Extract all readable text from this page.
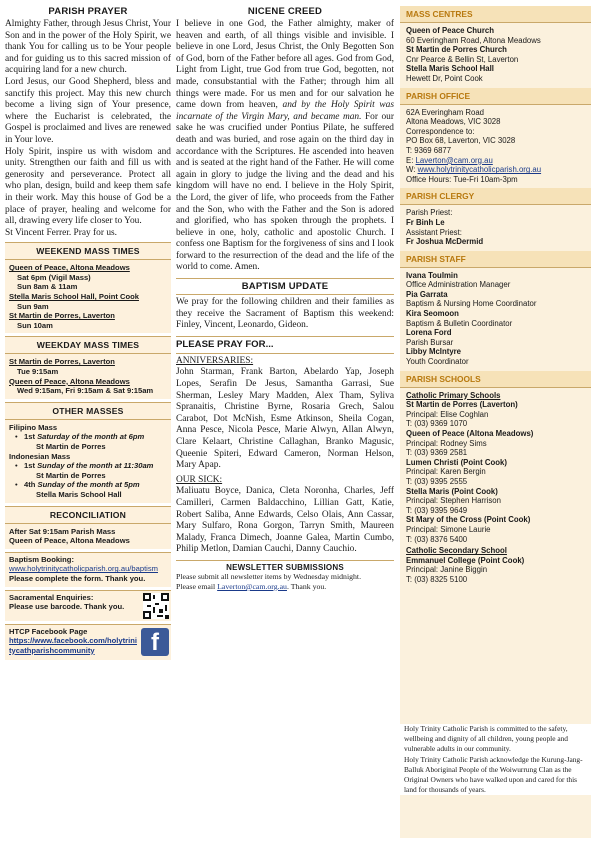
PARISH PRAYER
Almighty Father, through Jesus Christ, Your Son and in the power of the Holy Spirit, we thank You for calling us to be Your people and for guiding us to this sacred mission of acquiring land for a new church.
Lord Jesus, our Good Shepherd, bless and sanctify this project. May this new church become a living sign of Your presence, where the Eucharist is celebrated, the Gospel is proclaimed and lives are renewed in Your love.
Holy Spirit, inspire us with wisdom and unity. Strengthen our faith and fill us with generosity and perseverance. Protect all who plan, design, build and keep them safe in their work. May this house of God be a place of prayer, healing and welcome for all, drawing every life closer to You.
St Vincent Ferrer. Pray for us.
WEEKEND MASS TIMES
Queen of Peace, Altona Meadows
Sat 6pm (Vigil Mass)
Sun 8am & 11am
Stella Maris School Hall, Point Cook
Sun 9am
St Martin de Porres, Laverton
Sun 10am
WEEKDAY MASS TIMES
St Martin de Porres, Laverton
Tue 9:15am
Queen of Peace, Altona Meadows
Wed 9:15am, Fri 9:15am & Sat 9:15am
OTHER MASSES
Filipino Mass
• 1st Saturday of the month at 6pm
St Martin de Porres
Indonesian Mass
• 1st Sunday of the month at 11:30am
St Martin de Porres
• 4th Sunday of the month at 5pm
Stella Maris School Hall
RECONCILIATION
After Sat 9:15am Parish Mass
Queen of Peace, Altona Meadows
Baptism Booking:
www.holytrinitycatholicparish.org.au/baptism
Please complete the form. Thank you.
Sacramental Enquiries:
Please use barcode. Thank you.
HTCP Facebook Page
https://www.facebook.com/holytrinitycathparishcommunity	f
NICENE CREED
I believe in one God, the Father almighty, maker of heaven and earth, of all things visible and invisible. I believe in one Lord, Jesus Christ, the Only Begotten Son of God, born of the Father before all ages. God from God, Light from Light, true God from true God, begotten, not made, consubstantial with the Father; through him all things were made. For us men and for our salvation he came down from heaven, and by the Holy Spirit was incarnate of the Virgin Mary, and became man. For our sake he was crucified under Pontius Pilate, he suffered death and was buried, and rose again on the third day in accordance with the Scriptures. He ascended into heaven and is seated at the right hand of the Father. He will come again in glory to judge the living and the dead and his kingdom will have no end. I believe in the Holy Spirit, the Lord, the giver of life, who proceeds from the Father and the Son, who with the Father and the Son is adored and glorified, who has spoken through the prophets. I believe in one, holy, catholic and apostolic Church. I confess one Baptism for the forgiveness of sins and I look forward to the resurrection of the dead and the life of the world to come. Amen.
BAPTISM UPDATE
We pray for the following children and their families as they receive the Sacrament of Baptism this weekend: Finley, Vincent, Leonardo, Gideon.
PLEASE PRAY FOR...
ANNIVERSARIES:
John Starman, Frank Barton, Abelardo Yap, Joseph Lopes, Serafin De Jesus, Samantha Garrasi, Sue Sherman, Lesley Mary Madden, Alex Tham, Syliva Spranaitis, Christine Byrne, Rosaria Grech, Salou Carabot, Dot McNish, Esme Atkinson, Sheila Cogan, Anna Pesce, Nicola Pesce, Marie Alwyn, Allan Alwyn, Clare Kelaart, Christine Callaghan, Branko Magusic, Queenie Spiteri, Edward Cameron, Norman Helson, Mary Apap.
OUR SICK:
Maliuatu Boyce, Danica, Cleta Noronha, Charles, Jeff Camilleri, Carmen Baldacchino, Lillian Gatt, Katie, Robert Saliba, Anne Edwards, Celso Olais, Ann Cassar, Mary Sulfaro, Rona Gorgon, Tarryn Smith, Maureen Malady, Franca Dimech, Joanne Galea, Martin Cumbo, Philip Metlon, Damian Cauchi, Danny Cauchio.
NEWSLETTER SUBMISSIONS
Please submit all newsletter items by Wednesday midnight.
Please email Laverton@cam.org.au. Thank you.
MASS CENTRES
Queen of Peace Church
60 Everingham Road, Altona Meadows
St Martin de Porres Church
Cnr Pearce & Bellin St, Laverton
Stella Maris School Hall
Hewett Dr, Point Cook
PARISH OFFICE
62A Everingham Road
Altona Meadows, VIC 3028
Correspondence to:
PO Box 68, Laverton, VIC 3028
T: 9369 6877
E: Laverton@cam.org.au
W: www.holytrinitycatholicparish.org.au
Office Hours: Tue-Fri 10am-3pm
PARISH CLERGY
Parish Priest:
Fr Binh Le
Assistant Priest:
Fr Joshua McDermid
PARISH STAFF
Ivana Toulmin
Office Administration Manager
Pia Garrata
Baptism & Nursing Home Coordinator
Kira Seomoon
Baptism & Bulletin Coordinator
Lorena Ford
Parish Bursar
Libby McIntyre
Youth Coordinator
PARISH SCHOOLS
Catholic Primary Schools
St Martin de Porres (Laverton)
Principal: Elise Coghlan
T: (03) 9369 1070
Queen of Peace (Altona Meadows)
Principal: Rodney Sims
T: (03) 9369 2581
Lumen Christi (Point Cook)
Principal: Karen Bergin
T: (03) 9395 2555
Stella Maris (Point Cook)
Principal: Stephen Harrison
T: (03) 9395 9649
St Mary of the Cross (Point Cook)
Principal: Simone Laurie
T: (03) 8376 5400
Catholic Secondary School
Emmanuel College (Point Cook)
Principal: Janine Biggin
T: (03) 8325 5100
Holy Trinity Catholic Parish is committed to the safety, wellbeing and dignity of all children, young people and vulnerable adults in our community.
Holy Trinity Catholic Parish acknowledge the Kurung-Jang-Balluk Aboriginal People of the Woiwurrung Clan as the Original Owners who have walked upon and cared for this land for thousands of years.
